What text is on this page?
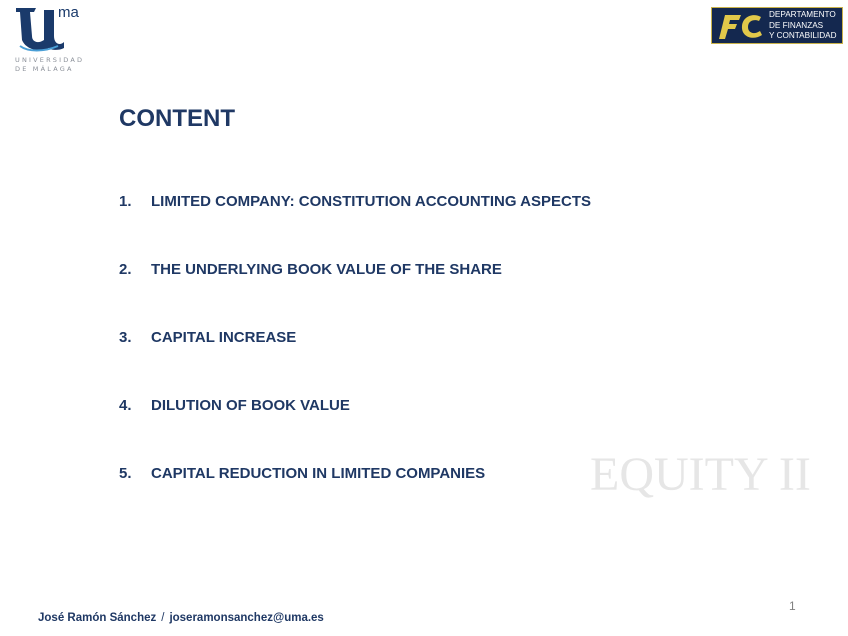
ma
UNIVERSIDAD
DE MÁLAGA
DEPARTAMENTO
DE FINANZAS
Y CONTABILIDAD
CONTENT
1.	LIMITED COMPANY: CONSTITUTION ACCOUNTING ASPECTS
2.	THE UNDERLYING BOOK VALUE OF THE SHARE
3.	CAPITAL INCREASE
4.	DILUTION OF BOOK VALUE
5.	CAPITAL REDUCTION IN LIMITED COMPANIES EQUITY II
1
José Ramón Sánchez / joseramonsanchez@uma.es
